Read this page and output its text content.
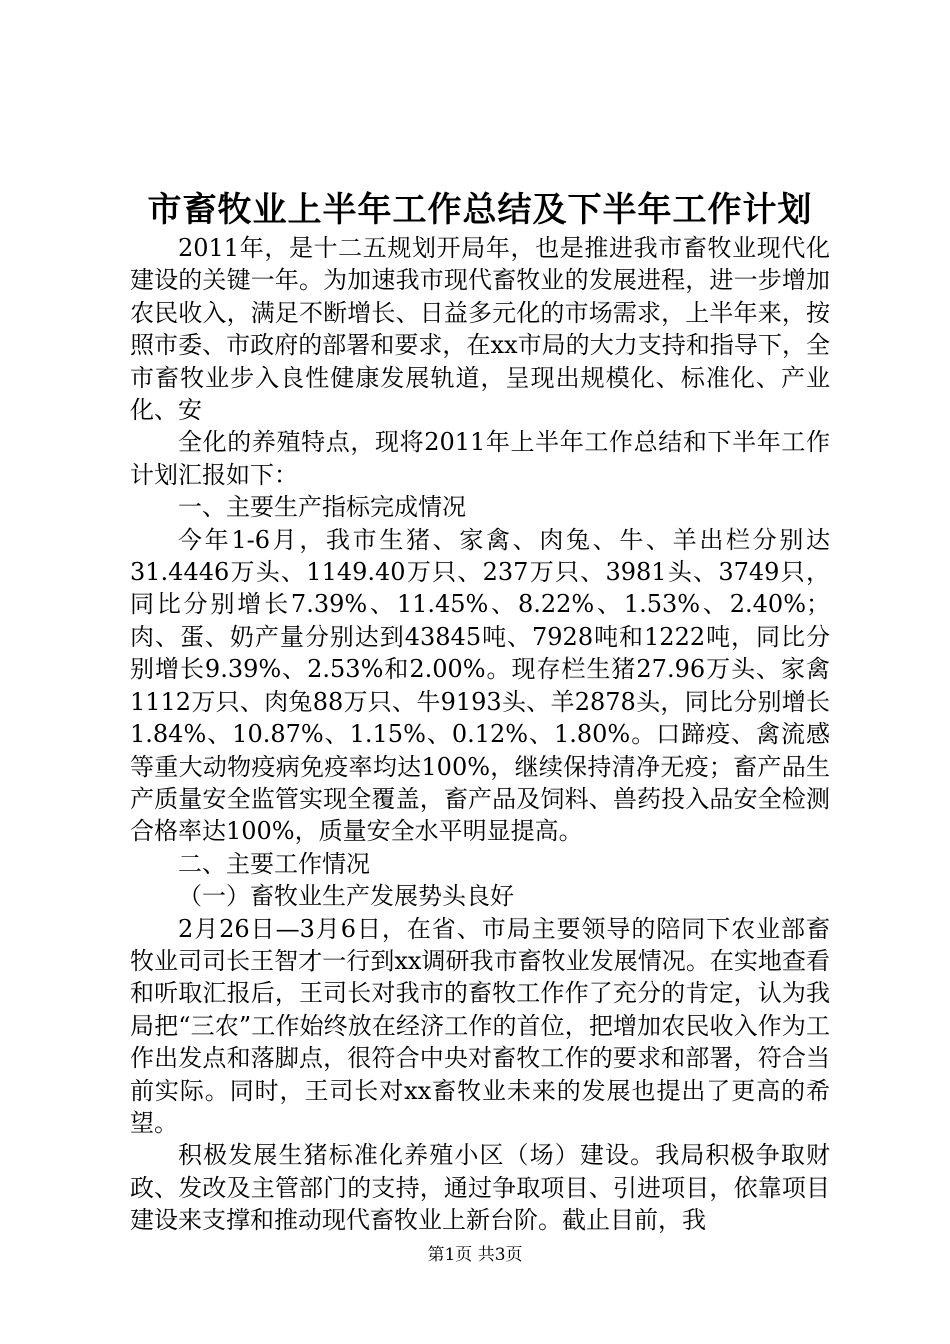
市畜牧业上半年工作总结及下半年工作计划

2011年，是十二五规划开局年，也是推进我市畜牧业现代化建设的关键一年。为加速我市现代畜牧业的发展进程，进一步增加农民收入，满足不断增长、日益多元化的市场需求，上半年来，按照市委、市政府的部署和要求，在xx市局的大力支持和指导下，全市畜牧业步入良性健康发展轨道，呈现出规模化、标准化、产业化、安

全化的养殖特点，现将2011年上半年工作总结和下半年工作计划汇报如下：

一、主要生产指标完成情况

今年1-6月，我市生猪、家禽、肉兔、牛、羊出栏分别达31.4446万头、1149.40万只、237万只、3981头、3749只，同比分别增长7.39%、11.45%、8.22%、1.53%、2.40%；肉、蛋、奶产量分别达到43845吨、7928吨和1222吨，同比分别增长9.39%、2.53%和2.00%。现存栏生猪27.96万头、家禽1112万只、肉兔88万只、牛9193头、羊2878头，同比分别增长1.84%、10.87%、1.15%、0.12%、1.80%。口蹄疫、禽流感等重大动物疫病免疫率均达100%，继续保持清净无疫；畜产品生产质量安全监管实现全覆盖，畜产品及饲料、兽药投入品安全检测合格率达100%，质量安全水平明显提高。

二、主要工作情况

（一）畜牧业生产发展势头良好

2月26日—3月6日，在省、市局主要领导的陪同下农业部畜牧业司司长王智才一行到xx调研我市畜牧业发展情况。在实地查看和听取汇报后，王司长对我市的畜牧工作作了充分的肯定，认为我局把“三农”工作始终放在经济工作的首位，把增加农民收入作为工作出发点和落脚点，很符合中央对畜牧工作的要求和部署，符合当前实际。同时，王司长对xx畜牧业未来的发展也提出了更高的希望。

积极发展生猪标准化养殖小区（场）建设。我局积极争取财政、发改及主管部门的支持，通过争取项目、引进项目，依靠项目建设来支撑和推动现代畜牧业上新台阶。截止目前，我

第1页 共3页
